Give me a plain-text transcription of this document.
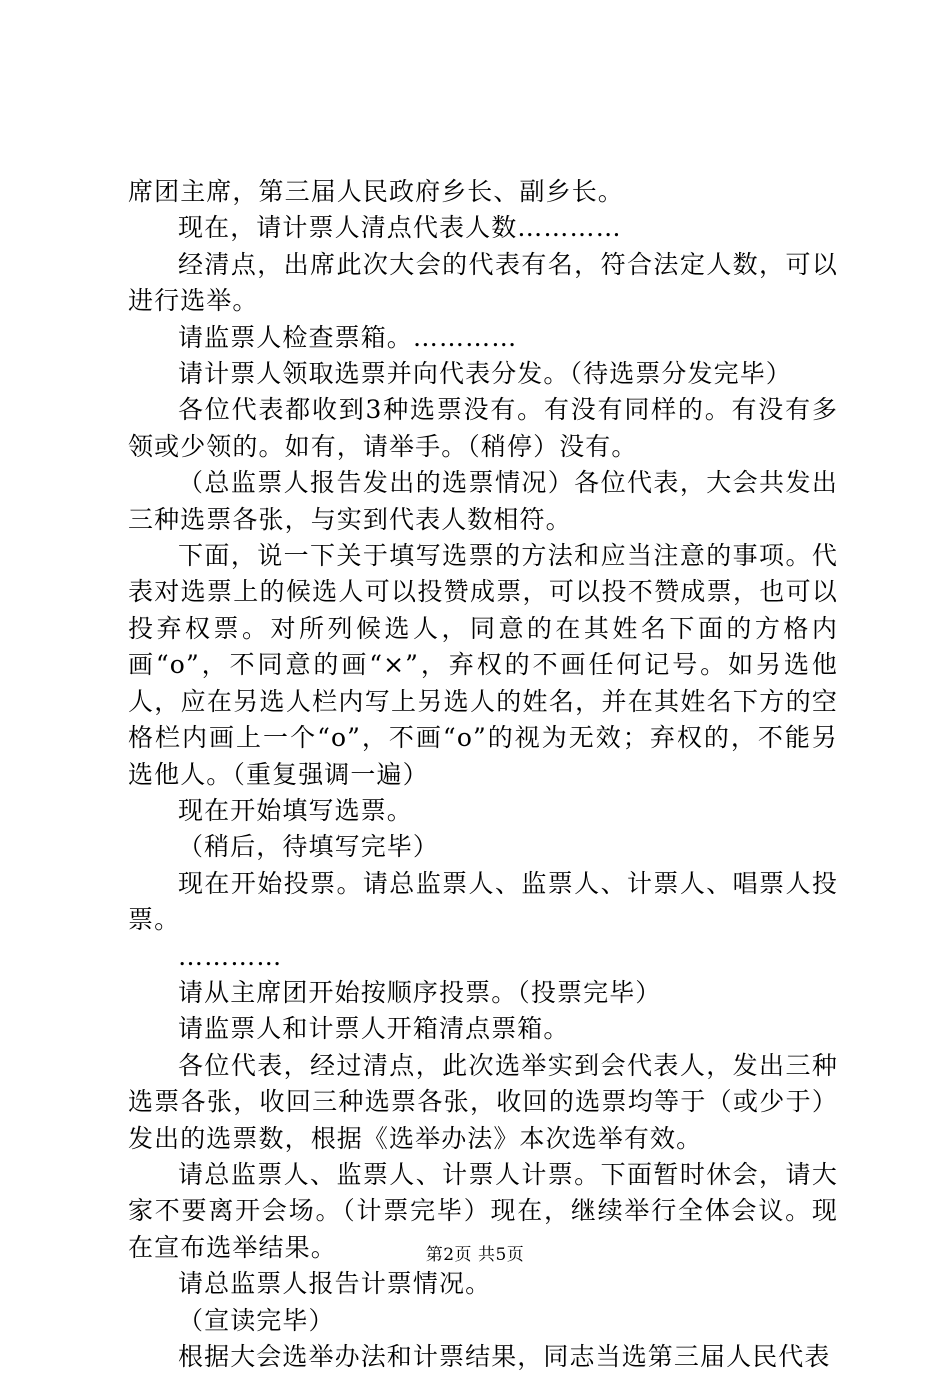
席团主席，第三届人民政府乡长、副乡长。

现在，请计票人清点代表人数…………

经清点，出席此次大会的代表有名，符合法定人数，可以进行选举。

请监票人检查票箱。…………

请计票人领取选票并向代表分发。（待选票分发完毕）

各位代表都收到3种选票没有。有没有同样的。有没有多领或少领的。如有，请举手。（稍停）没有。

（总监票人报告发出的选票情况）各位代表，大会共发出三种选票各张，与实到代表人数相符。

下面，说一下关于填写选票的方法和应当注意的事项。代表对选票上的候选人可以投赞成票，可以投不赞成票，也可以投弃权票。对所列候选人，同意的在其姓名下面的方格内画“o”，不同意的画“×”，弃权的不画任何记号。如另选他人，应在另选人栏内写上另选人的姓名，并在其姓名下方的空格栏内画上一个“o”，不画“o”的视为无效；弃权的，不能另选他人。（重复强调一遍）

现在开始填写选票。

（稍后，待填写完毕）

现在开始投票。请总监票人、监票人、计票人、唱票人投票。

…………

请从主席团开始按顺序投票。（投票完毕）

请监票人和计票人开箱清点票箱。

各位代表，经过清点，此次选举实到会代表人，发出三种选票各张，收回三种选票各张，收回的选票均等于（或少于）发出的选票数，根据《选举办法》本次选举有效。

请总监票人、监票人、计票人计票。下面暂时休会，请大家不要离开会场。（计票完毕）现在，继续举行全体会议。现在宣布选举结果。

请总监票人报告计票情况。

（宣读完毕）

根据大会选举办法和计票结果，同志当选第三届人民代表

第2页 共5页
